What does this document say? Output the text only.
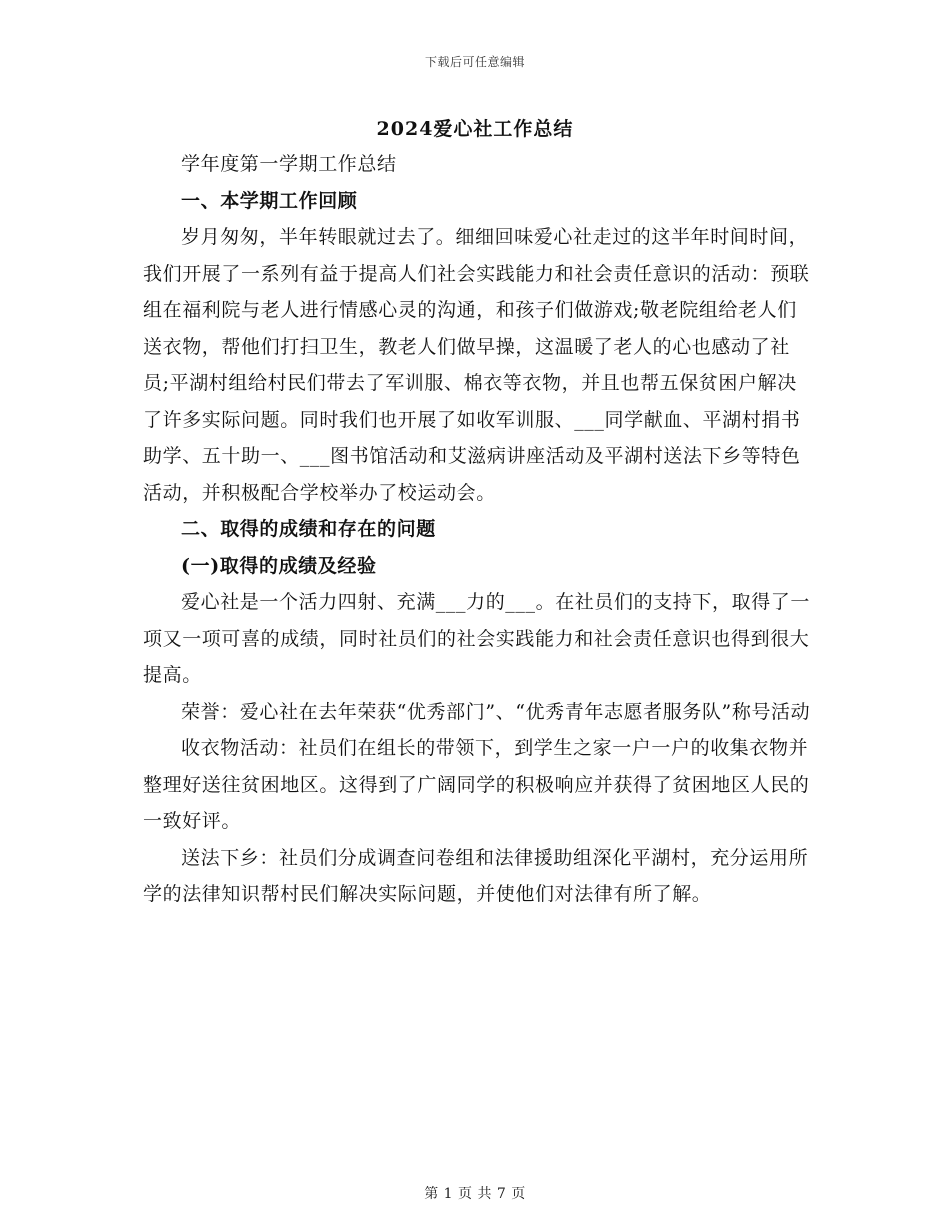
下载后可任意编辑
2024爱心社工作总结

学年度第一学期工作总结

一、本学期工作回顾

岁月匆匆，半年转眼就过去了。细细回味爱心社走过的这半年时间时间，我们开展了一系列有益于提高人们社会实践能力和社会责任意识的活动：预联组在福利院与老人进行情感心灵的沟通，和孩子们做游戏;敬老院组给老人们送衣物，帮他们打扫卫生，教老人们做早操，这温暖了老人的心也感动了社员;平湖村组给村民们带去了军训服、棉衣等衣物，并且也帮五保贫困户解决了许多实际问题。同时我们也开展了如收军训服、___同学献血、平湖村捐书助学、五十助一、___图书馆活动和艾滋病讲座活动及平湖村送法下乡等特色活动，并积极配合学校举办了校运动会。

二、取得的成绩和存在的问题

(一)取得的成绩及经验

爱心社是一个活力四射、充满___力的___。在社员们的支持下，取得了一项又一项可喜的成绩，同时社员们的社会实践能力和社会责任意识也得到很大提高。

荣誉：爱心社在去年荣获“优秀部门”、“优秀青年志愿者服务队”称号活动

收衣物活动：社员们在组长的带领下，到学生之家一户一户的收集衣物并整理好送往贫困地区。这得到了广阔同学的积极响应并获得了贫困地区人民的一致好评。

送法下乡：社员们分成调查问卷组和法律援助组深化平湖村，充分运用所学的法律知识帮村民们解决实际问题，并使他们对法律有所了解。

第 1 页 共 7 页
